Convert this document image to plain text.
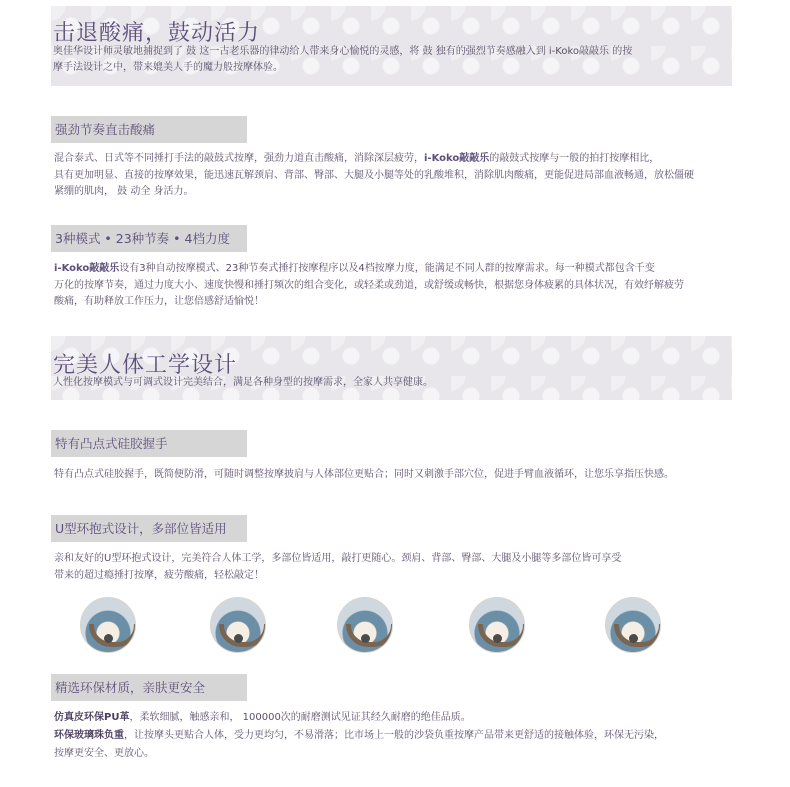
击退酸痛，鼓动活力
奥佳华设计师灵敏地捕捉到了 鼓 这一古老乐器的律动给人带来身心愉悦的灵感，将 鼓 独有的强烈节奏感融入到 i-Koko敲敲乐 的按
摩手法设计之中，带来媲美人手的魔力般按摩体验。
强劲节奏直击酸痛
混合泰式、日式等不同捶打手法的敲鼓式按摩，强劲力道直击酸痛，消除深层疲劳，i-Koko敲敲乐的敲鼓式按摩与一般的拍打按摩相比，
具有更加明显、直接的按摩效果，能迅速瓦解颈肩、背部、臀部、大腿及小腿等处的乳酸堆积，消除肌肉酸痛，更能促进局部血液畅通，放松僵硬
紧绷的肌肉， 鼓 动全 身活力。
3种模式 • 23种节奏 • 4档力度
i-Koko敲敲乐设有3种自动按摩模式、23种节奏式捶打按摩程序以及4档按摩力度，能满足不同人群的按摩需求。每一种模式都包含千变
万化的按摩节奏，通过力度大小、速度快慢和捶打频次的组合变化，或轻柔或劲道，或舒缓或畅快，根据您身体疲累的具体状况，有效纾解疲劳
酸痛，有助释放工作压力，让您倍感舒适愉悦！
完美人体工学设计
人性化按摩模式与可调式设计完美结合，满足各种身型的按摩需求，全家人共享健康。
特有凸点式硅胶握手
特有凸点式硅胶握手，既简便防滑，可随时调整按摩披肩与人体部位更贴合；同时又刺激手部穴位，促进手臂血液循环，让您乐享指压快感。
U型环抱式设计，多部位皆适用
亲和友好的U型环抱式设计，完美符合人体工学，多部位皆适用，敲打更随心。颈肩、背部、臀部、大腿及小腿等多部位皆可享受
带来的超过瘾捶打按摩，疲劳酸痛，轻松敲定！
精选环保材质，亲肤更安全
仿真皮环保PU革，柔软细腻，触感亲和， 100000次的耐磨测试见证其经久耐磨的绝佳品质。
环保玻璃珠负重，让按摩头更贴合人体，受力更均匀，不易滑落；比市场上一般的沙袋负重按摩产品带来更舒适的接触体验，环保无污染，
按摩更安全、更放心。
